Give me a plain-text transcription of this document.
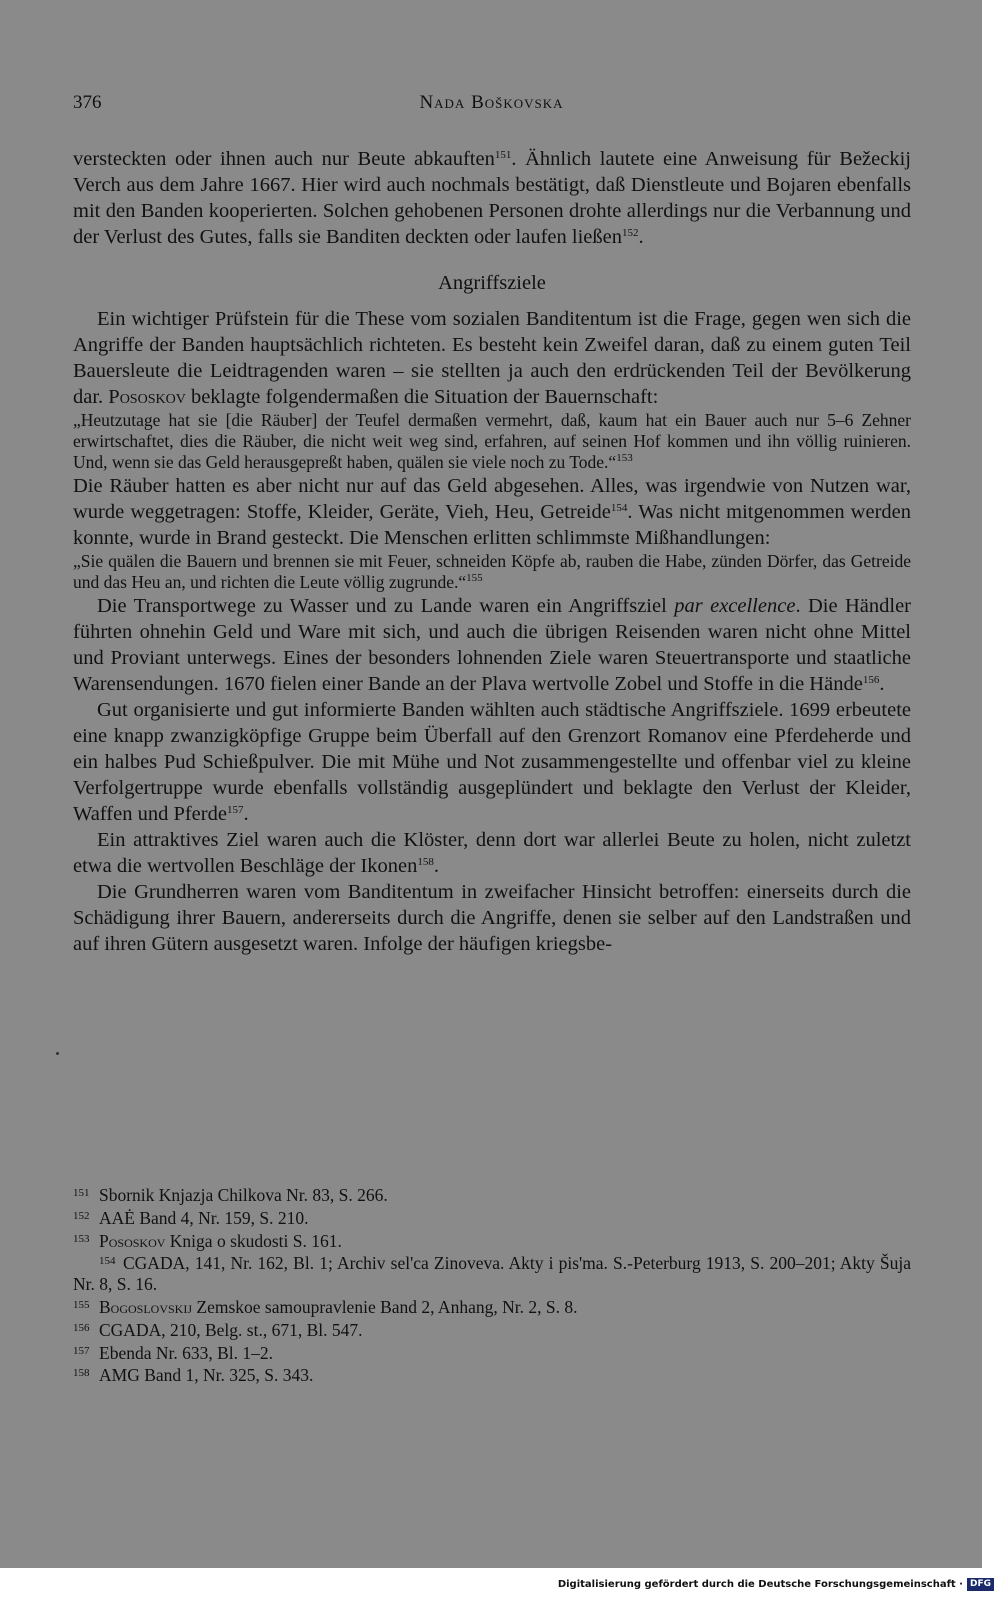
376	Nada Boškovska

versteckten oder ihnen auch nur Beute abkauften$^{151}$. Ähnlich lautete eine Anweisung für Bežeckij Verch aus dem Jahre 1667. Hier wird auch nochmals bestätigt, daß Dienstleute und Bojaren ebenfalls mit den Banden kooperierten. Solchen gehobenen Personen drohte allerdings nur die Verbannung und der Verlust des Gutes, falls sie Banditen deckten oder laufen ließen$^{152}$.

Angriffsziele

Ein wichtiger Prüfstein für die These vom sozialen Banditentum ist die Frage, gegen wen sich die Angriffe der Banden hauptsächlich richteten. Es besteht kein Zweifel daran, daß zu einem guten Teil Bauersleute die Leidtragenden waren – sie stellten ja auch den erdrückenden Teil der Bevölkerung dar. Pososkov beklagte folgendermaßen die Situation der Bauernschaft:

„Heutzutage hat sie [die Räuber] der Teufel dermaßen vermehrt, daß, kaum hat ein Bauer auch nur 5–6 Zehner erwirtschaftet, dies die Räuber, die nicht weit weg sind, erfahren, auf seinen Hof kommen und ihn völlig ruinieren. Und, wenn sie das Geld herausgepreßt haben, quälen sie viele noch zu Tode.“$^{153}$

Die Räuber hatten es aber nicht nur auf das Geld abgesehen. Alles, was irgendwie von Nutzen war, wurde weggetragen: Stoffe, Kleider, Geräte, Vieh, Heu, Getreide$^{154}$. Was nicht mitgenommen werden konnte, wurde in Brand gesteckt. Die Menschen erlitten schlimmste Mißhandlungen:

„Sie quälen die Bauern und brennen sie mit Feuer, schneiden Köpfe ab, rauben die Habe, zünden Dörfer, das Getreide und das Heu an, und richten die Leute völlig zugrunde.“$^{155}$

Die Transportwege zu Wasser und zu Lande waren ein Angriffsziel par excellence. Die Händler führten ohnehin Geld und Ware mit sich, und auch die übrigen Reisenden waren nicht ohne Mittel und Proviant unterwegs. Eines der besonders lohnenden Ziele waren Steuertransporte und staatliche Warensendungen. 1670 fielen einer Bande an der Plava wertvolle Zobel und Stoffe in die Hände$^{156}$.

Gut organisierte und gut informierte Banden wählten auch städtische Angriffsziele. 1699 erbeutete eine knapp zwanzigköpfige Gruppe beim Überfall auf den Grenzort Romanov eine Pferdeherde und ein halbes Pud Schießpulver. Die mit Mühe und Not zusammengestellte und offenbar viel zu kleine Verfolgertruppe wurde ebenfalls vollständig ausgeplündert und beklagte den Verlust der Kleider, Waffen und Pferde$^{157}$.

Ein attraktives Ziel waren auch die Klöster, denn dort war allerlei Beute zu holen, nicht zuletzt etwa die wertvollen Beschläge der Ikonen$^{158}$.

Die Grundherren waren vom Banditentum in zweifacher Hinsicht betroffen: einerseits durch die Schädigung ihrer Bauern, andererseits durch die Angriffe, denen sie selber auf den Landstraßen und auf ihren Gütern ausgesetzt waren. Infolge der häufigen kriegsbe-

151 Sbornik Knjazja Chilkova Nr. 83, S. 266.

152 AAĖ Band 4, Nr. 159, S. 210.

153 Pososkov Kniga o skudosti S. 161.

154 CGADA, 141, Nr. 162, Bl. 1; Archiv sel'ca Zinoveva. Akty i pis'ma. S.-Peterburg 1913, S. 200–201; Akty Šuja Nr. 8, S. 16.

155 Bogoslovskij Zemskoe samoupravlenie Band 2, Anhang, Nr. 2, S. 8.

156 CGADA, 210, Belg. st., 671, Bl. 547.

157 Ebenda Nr. 633, Bl. 1–2.

158 AMG Band 1, Nr. 325, S. 343.

Digitalisierung gefördert durch die Deutsche Forschungsgemeinschaft · DFG
